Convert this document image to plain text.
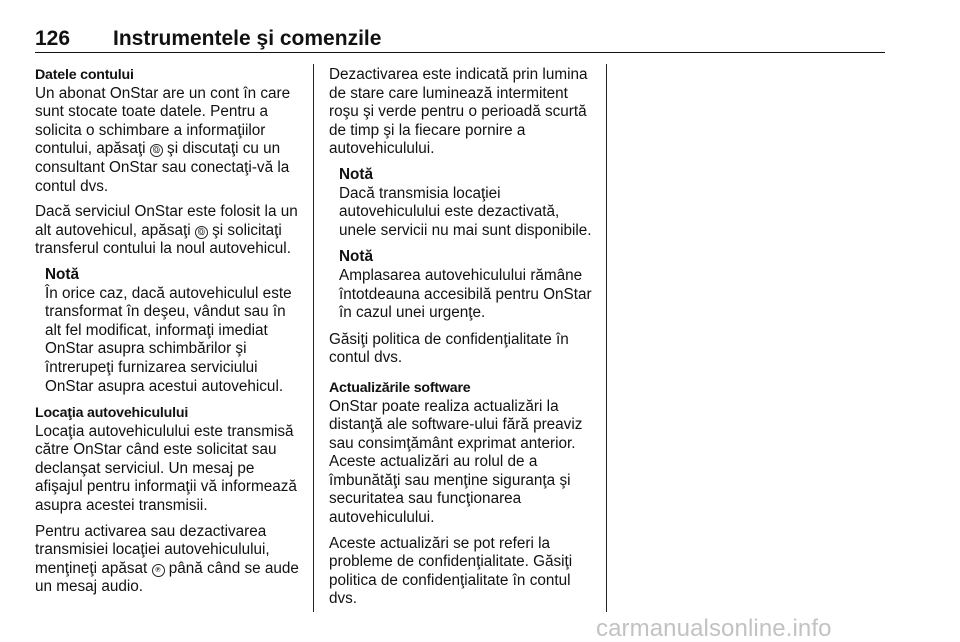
126 Instrumentele şi comenzile
Datele contului

Un abonat OnStar are un cont în care sunt stocate toate datele. Pentru a solicita o schimbare a informaţiilor contului, apăsaţi Ⓞ şi discutaţi cu un consultant OnStar sau conectaţi-vă la contul dvs.

Dacă serviciul OnStar este folosit la un alt autovehicul, apăsaţi Ⓞ şi solicitaţi transferul contului la noul autovehicul.

Notă
În orice caz, dacă autovehiculul este transformat în deşeu, vândut sau în alt fel modificat, informaţi imediat OnStar asupra schimbărilor şi întrerupeţi furnizarea serviciului OnStar asupra acestui autovehicul.
Locaţia autovehiculului

Locaţia autovehiculului este transmisă către OnStar când este solicitat sau declanşat serviciul. Un mesaj pe afişajul pentru informaţii vă informează asupra acestei transmisii.

Pentru activarea sau dezactivarea transmisiei locaţiei autovehiculului, menţineţi apăsat ℗ până când se aude un mesaj audio.

Dezactivarea este indicată prin lumina de stare care luminează intermitent roşu şi verde pentru o perioadă scurtă de timp şi la fiecare pornire a autovehiculului.

Notă
Dacă transmisia locaţiei autovehiculului este dezactivată, unele servicii nu mai sunt disponibile.
Notă
Amplasarea autovehiculului rămâne întotdeauna accesibilă pentru OnStar în cazul unei urgenţe.

Găsiţi politica de confidenţialitate în contul dvs.

Actualizările software

OnStar poate realiza actualizări la distanţă ale software-ului fără preaviz sau consimţământ exprimat anterior. Aceste actualizări au rolul de a îmbunătăţi sau menţine siguranţa şi securitatea sau funcţionarea autovehiculului.

Aceste actualizări se pot referi la probleme de confidenţialitate. Găsiţi politica de confidenţialitate în contul dvs.

carmanualsonline.info
